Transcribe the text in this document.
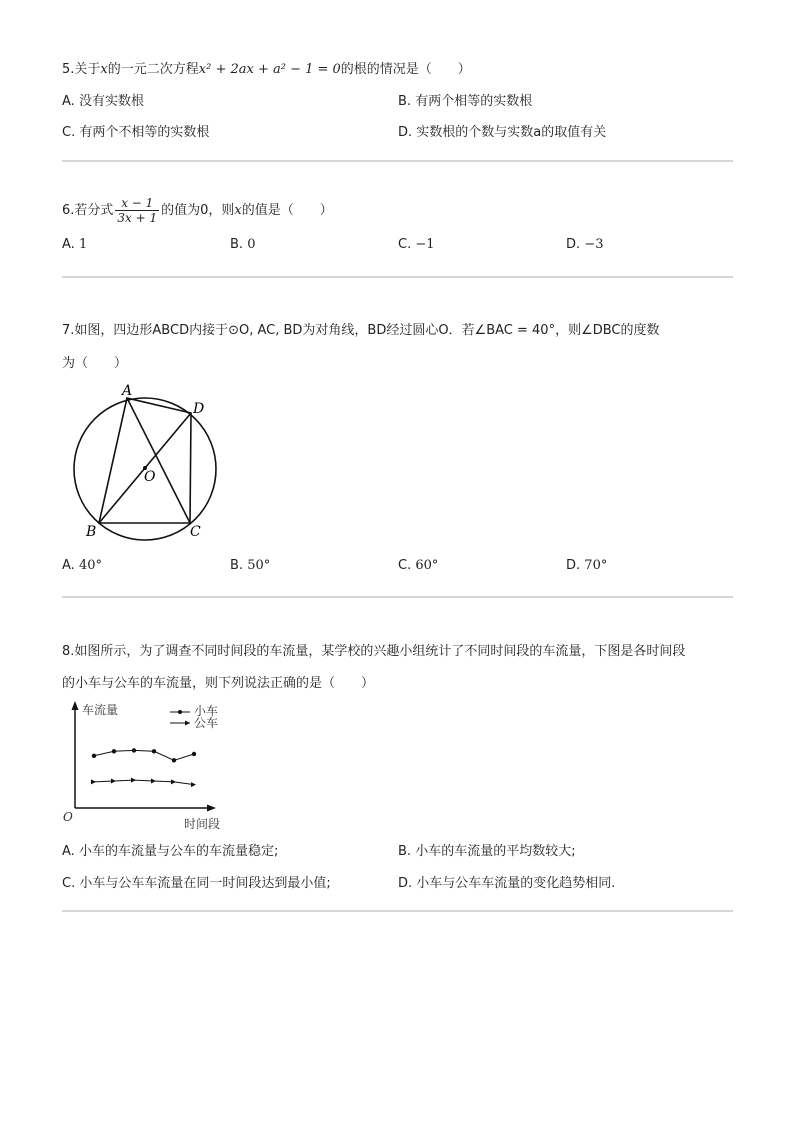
5.关于x的一元二次方程x² + 2ax + a² − 1 = 0的根的情况是（　　）
A. 没有实数根	B. 有两个相等的实数根
C. 有两个不相等的实数根	D. 实数根的个数与实数a的取值有关
6.若分式 $\frac{x - 1}{3x + 1}$ 的值为0，则x的值是（　　）
A. 1	B. 0	C. −1	D. −3
7.如图，四边形ABCD内接于⊙O, AC, BD为对角线，BD经过圆心O．若∠BAC = 40°，则∠DBC的度数
为（　　）
A
D
O
B	C
A. 40°	B. 50°	C. 60°	D. 70°
8.如图所示，为了调查不同时间段的车流量，某学校的兴趣小组统计了不同时间段的车流量，下图是各时间段
的小车与公车的车流量，则下列说法正确的是（　　）
车流量
时间段
O
小车
公车
A. 小车的车流量与公车的车流量稳定;	B. 小车的车流量的平均数较大;
C. 小车与公车车流量在同一时间段达到最小值;	D. 小车与公车车流量的变化趋势相同.
